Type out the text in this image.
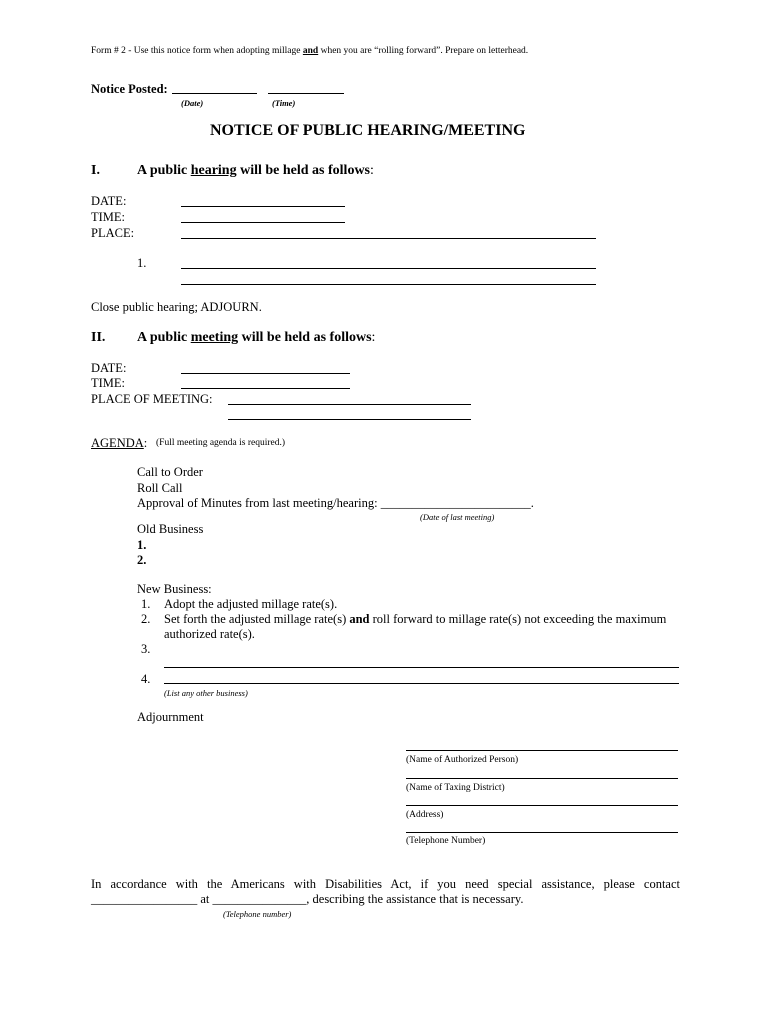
Form # 2 - Use this notice form when adopting millage and when you are “rolling forward”. Prepare on letterhead.
Notice Posted:
(Date)	(Time)
NOTICE OF PUBLIC HEARING/MEETING
I.	A public hearing will be held as follows:
DATE:
TIME:
PLACE:
1.
Close public hearing; ADJOURN.
II. A public meeting will be held as follows:
DATE:
TIME:
PLACE OF MEETING:
AGENDA: (Full meeting agenda is required.)
Call to Order
Roll Call
Approval of Minutes from last meeting/hearing: ________________________.
(Date of last meeting)
Old Business
1.
2.
New Business:
1. Adopt the adjusted millage rate(s).
2. Set forth the adjusted millage rate(s) and roll forward to millage rate(s) not exceeding the maximum
authorized rate(s).
3.
4.
(List any other business)
Adjournment
(Name of Authorized Person)
(Name of Taxing District)
(Address)
(Telephone Number)
In accordance with the Americans with Disabilities Act, if you need special assistance, please contact
_________________ at _______________, describing the assistance that is necessary.
(Telephone number)
